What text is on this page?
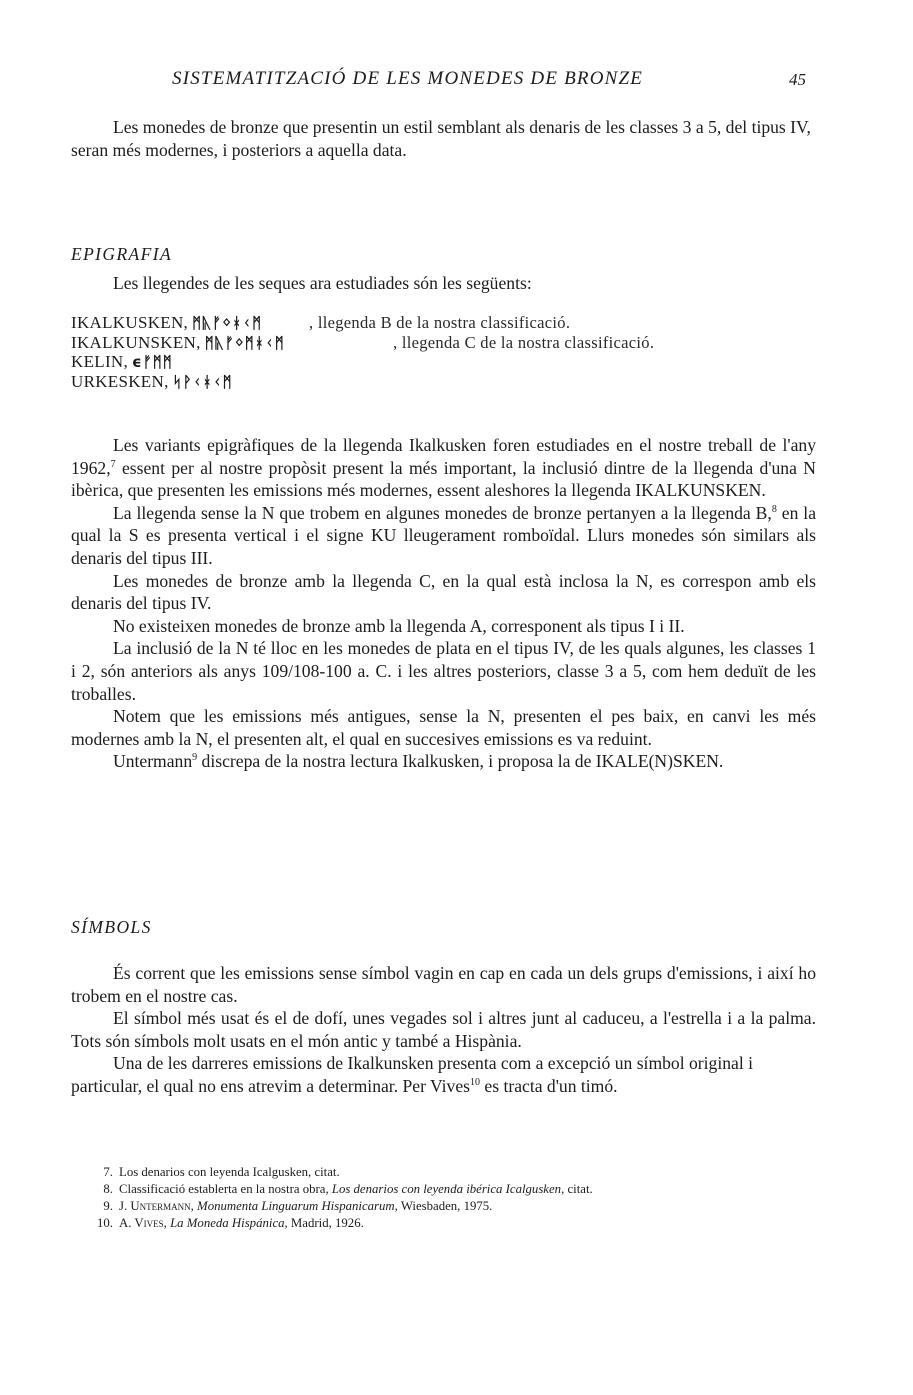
SISTEMATITZACIÓ DE LES MONEDES DE BRONZE	45

Les monedes de bronze que presentin un estil semblant als denaris de les classes 3 a 5, del tipus IV, seran més modernes, i posteriors a aquella data.

EPIGRAFIA

Les llegendes de les seques ara estudiades són les següents:

IKALKUSKEN, ᛗᚣᚠᛜᚼᚲᛗ	, llegenda B de la nostra classificació.
IKALKUNSKEN, ᛗᚣᚠᛜᛗᚼᚲᛗ	, llegenda C de la nostra classificació.
KELIN, ϵᚠᛗᛗ
URKESKEN, ᛋᚹᚲᚼᚲᛗ

Les variants epigràfiques de la llegenda Ikalkusken foren estudiades en el nostre treball de l'any 1962,$^7$ essent per al nostre propòsit present la més important, la inclusió dintre de la llegenda d'una N ibèrica, que presenten les emissions més modernes, essent aleshores la llegenda IKALKUNSKEN.

La llegenda sense la N que trobem en algunes monedes de bronze pertanyen a la llegenda B,$^8$ en la qual la S es presenta vertical i el signe KU lleugerament romboïdal. Llurs monedes són similars als denaris del tipus III.

Les monedes de bronze amb la llegenda C, en la qual està inclosa la N, es correspon amb els denaris del tipus IV.

No existeixen monedes de bronze amb la llegenda A, corresponent als tipus I i II.

La inclusió de la N té lloc en les monedes de plata en el tipus IV, de les quals algunes, les classes 1 i 2, són anteriors als anys 109/108-100 a. C. i les altres posteriors, classe 3 a 5, com hem deduït de les troballes.

Notem que les emissions més antigues, sense la N, presenten el pes baix, en canvi les més modernes amb la N, el presenten alt, el qual en succesives emissions es va reduint.

Untermann$^9$ discrepa de la nostra lectura Ikalkusken, i proposa la de IKALE(N)SKEN.

SÍMBOLS

És corrent que les emissions sense símbol vagin en cap en cada un dels grups d'emissions, i així ho trobem en el nostre cas.

El símbol més usat és el de dofí, unes vegades sol i altres junt al caduceu, a l'estrella i a la palma. Tots són símbols molt usats en el món antic y també a Hispània.

Una de les darreres emissions de Ikalkunsken presenta com a excepció un símbol original i particular, el qual no ens atrevim a determinar. Per Vives$^{10}$ es tracta d'un timó.

7. Los denarios con leyenda Icalgusken, citat.
8. Classificació establerta en la nostra obra, Los denarios con leyenda ibérica Icalgusken, citat.
9. J. Untermann, Monumenta Linguarum Hispanicarum, Wiesbaden, 1975.
10. A. Vives, La Moneda Hispánica, Madrid, 1926.
